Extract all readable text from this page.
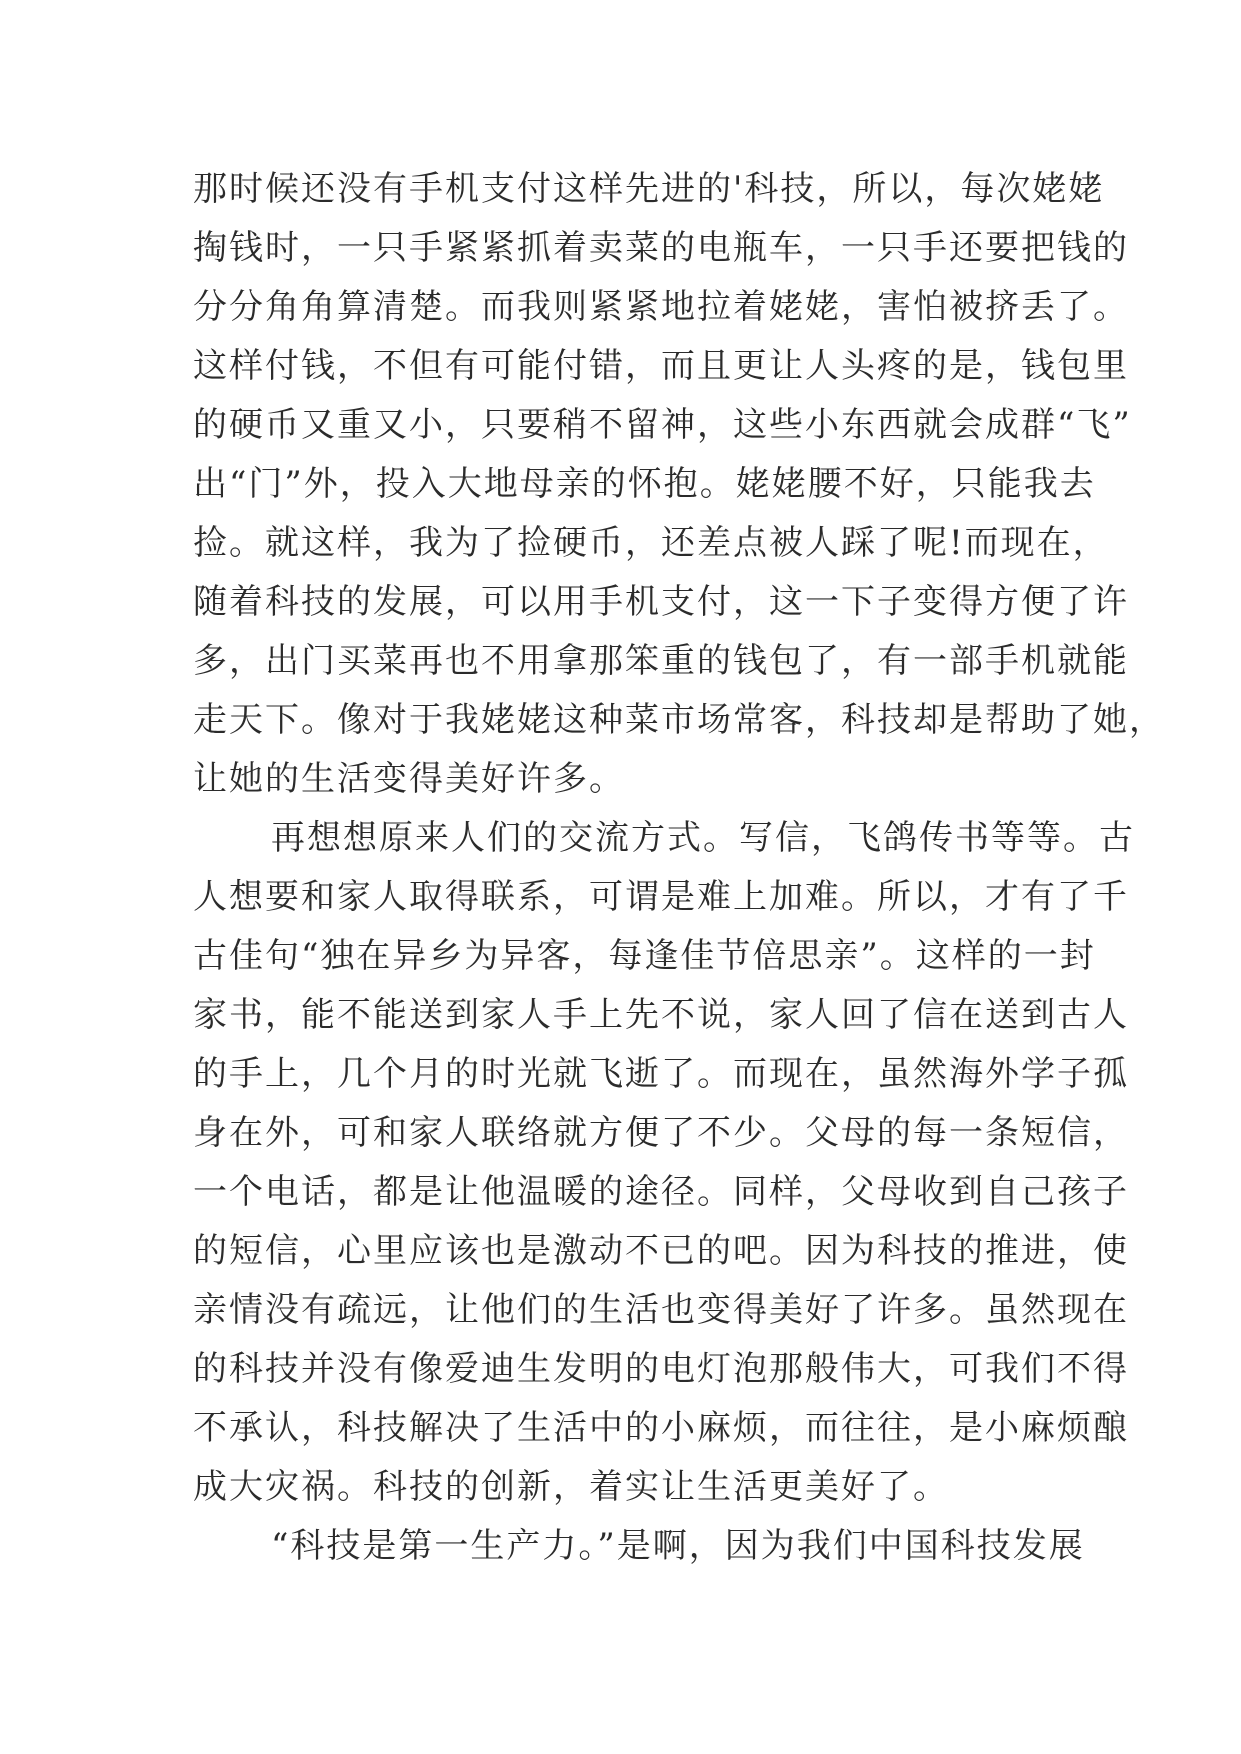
那时候还没有手机支付这样先进的'科技，所以，每次姥姥
掏钱时，一只手紧紧抓着卖菜的电瓶车，一只手还要把钱的
分分角角算清楚。而我则紧紧地拉着姥姥，害怕被挤丢了。
这样付钱，不但有可能付错，而且更让人头疼的是，钱包里
的硬币又重又小，只要稍不留神，这些小东西就会成群“飞”
出“门”外，投入大地母亲的怀抱。姥姥腰不好，只能我去
捡。就这样，我为了捡硬币，还差点被人踩了呢!而现在，
随着科技的发展，可以用手机支付，这一下子变得方便了许
多，出门买菜再也不用拿那笨重的钱包了，有一部手机就能
走天下。像对于我姥姥这种菜市场常客，科技却是帮助了她，
让她的生活变得美好许多。
再想想原来人们的交流方式。写信，飞鸽传书等等。古
人想要和家人取得联系，可谓是难上加难。所以，才有了千
古佳句“独在异乡为异客，每逢佳节倍思亲”。这样的一封
家书，能不能送到家人手上先不说，家人回了信在送到古人
的手上，几个月的时光就飞逝了。而现在，虽然海外学子孤
身在外，可和家人联络就方便了不少。父母的每一条短信，
一个电话，都是让他温暖的途径。同样，父母收到自己孩子
的短信，心里应该也是激动不已的吧。因为科技的推进，使
亲情没有疏远，让他们的生活也变得美好了许多。虽然现在
的科技并没有像爱迪生发明的电灯泡那般伟大，可我们不得
不承认，科技解决了生活中的小麻烦，而往往，是小麻烦酿
成大灾祸。科技的创新，着实让生活更美好了。
“科技是第一生产力。”是啊，因为我们中国科技发展
